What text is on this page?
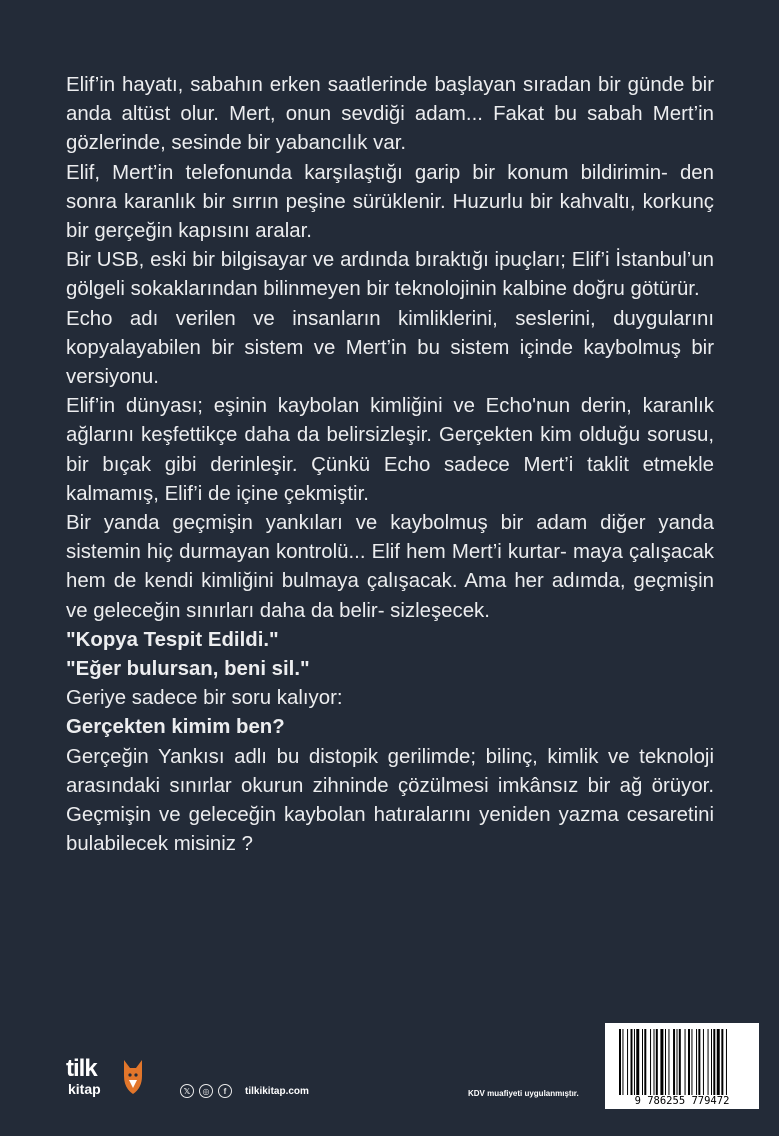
Elif’in hayatı, sabahın erken saatlerinde başlayan sıradan bir günde bir anda altüst olur. Mert, onun sevdiği adam... Fakat bu sabah Mert’in gözlerinde, sesinde bir yabancılık var.

Elif, Mert’in telefonunda karşılaştığı garip bir konum bildirimin- den sonra karanlık bir sırrın peşine sürüklenir. Huzurlu bir kahvaltı, korkunç bir gerçeğin kapısını aralar.

Bir USB, eski bir bilgisayar ve ardında bıraktığı ipuçları; Elif’i İstanbul’un gölgeli sokaklarından bilinmeyen bir teknolojinin kalbine doğru götürür.

Echo adı verilen ve insanların kimliklerini, seslerini, duygularını kopyalayabilen bir sistem ve Mert’in bu sistem içinde kaybolmuş bir versiyonu.

Elif’in dünyası; eşinin kaybolan kimliğini ve Echo'nun derin, karanlık ağlarını keşfettikçe daha da belirsizleşir. Gerçekten kim olduğu sorusu, bir bıçak gibi derinleşir. Çünkü Echo sadece Mert’i taklit etmekle kalmamış, Elif’i de içine çekmiştir.

Bir yanda geçmişin yankıları ve kaybolmuş bir adam diğer yanda sistemin hiç durmayan kontrolü... Elif hem Mert’i kurtar- maya çalışacak hem de kendi kimliğini bulmaya çalışacak. Ama her adımda, geçmişin ve geleceğin sınırları daha da belir- sizleşecek.

"Kopya Tespit Edildi."

"Eğer bulursan, beni sil."

Geriye sadece bir soru kalıyor:

Gerçekten kimim ben?

Gerçeğin Yankısı adlı bu distopik gerilimde; bilinç, kimlik ve teknoloji arasındaki sınırlar okurun zihninde çözülmesi imkânsız bir ağ örüyor. Geçmişin ve geleceğin kaybolan hatıralarını yeniden yazma cesaretini bulabilecek misiniz ?

tilk
kitap	𝕏	◎	f	tilkikitap.com	KDV muafiyeti uygulanmıştır.
9 786255 779472
